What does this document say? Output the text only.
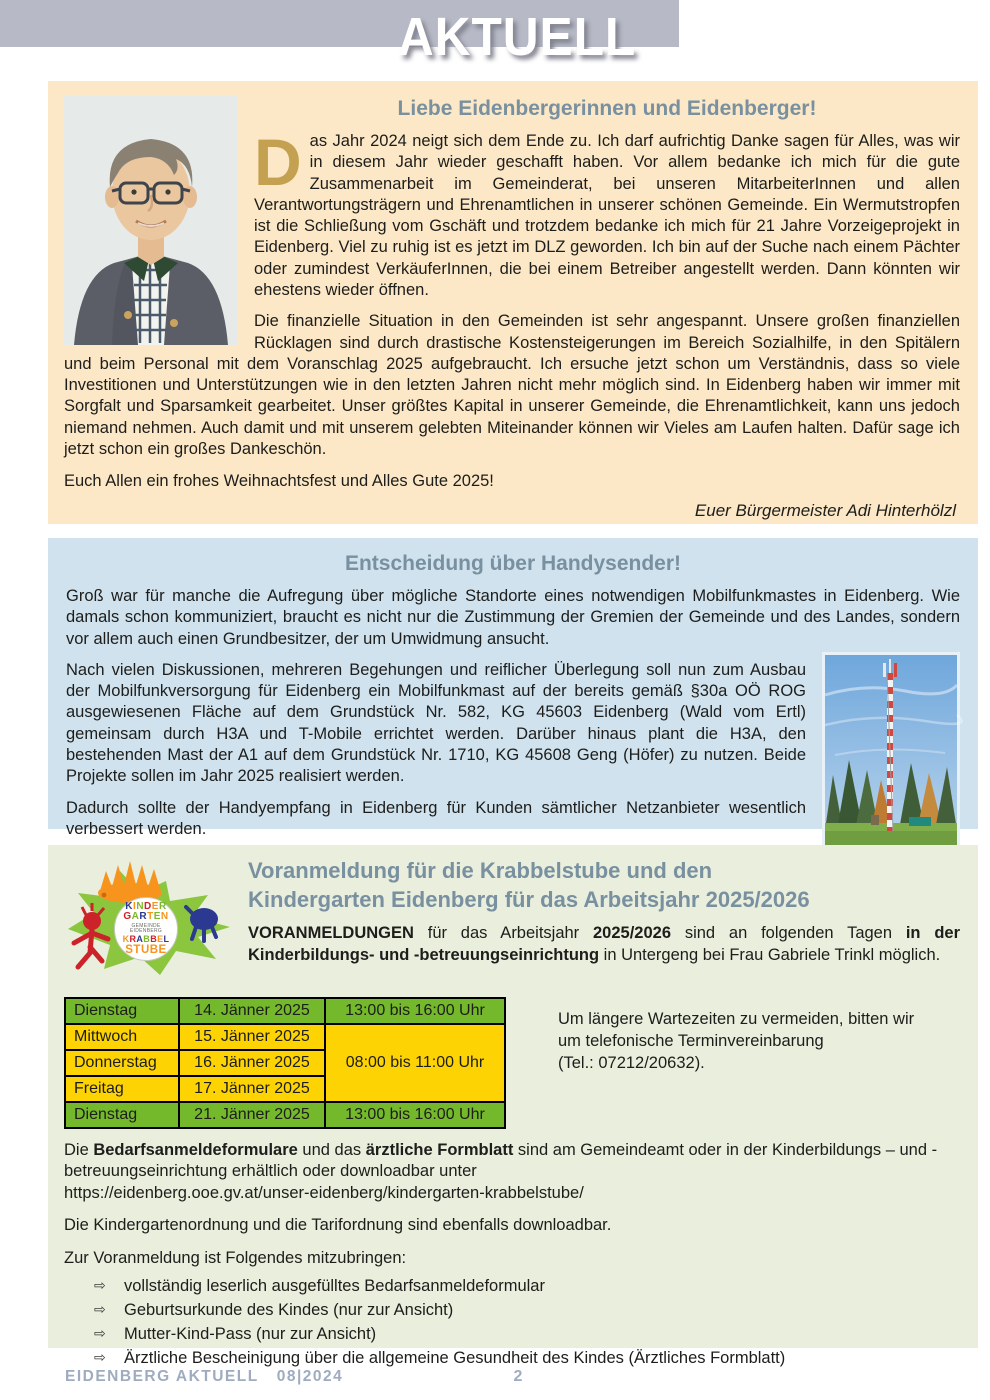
AKTUELL
Liebe Eidenbergerinnen und Eidenberger!

Das Jahr 2024 neigt sich dem Ende zu. Ich darf aufrichtig Danke sagen für Alles, was wir in diesem Jahr wieder geschafft haben. Vor allem bedanke ich mich für die gute Zusammenarbeit im Gemeinderat, bei unseren MitarbeiterInnen und allen Verantwortungsträgern und Ehrenamtlichen in unserer schönen Gemeinde. Ein Wermutstropfen ist die Schließung vom Gschäft und trotzdem bedanke ich mich für 21 Jahre Vorzeigeprojekt in Eidenberg. Viel zu ruhig ist es jetzt im DLZ geworden. Ich bin auf der Suche nach einem Pächter oder zumindest VerkäuferInnen, die bei einem Betreiber angestellt werden. Dann könnten wir ehestens wieder öffnen.

Die finanzielle Situation in den Gemeinden ist sehr angespannt. Unsere großen finanziellen Rücklagen sind durch drastische Kostensteigerungen im Bereich Sozialhilfe, in den Spitälern und beim Personal mit dem Voranschlag 2025 aufgebraucht. Ich ersuche jetzt schon um Verständnis, dass so viele Investitionen und Unterstützungen wie in den letzten Jahren nicht mehr möglich sind. In Eidenberg haben wir immer mit Sorgfalt und Sparsamkeit gearbeitet. Unser größtes Kapital in unserer Gemeinde, die Ehrenamtlichkeit, kann uns jedoch niemand nehmen. Auch damit und mit unserem gelebten Miteinander können wir Vieles am Laufen halten. Dafür sage ich jetzt schon ein großes Dankeschön.

Euch Allen ein frohes Weihnachtsfest und Alles Gute 2025!

Euer Bürgermeister Adi Hinterhölzl
Entscheidung über Handysender!

Groß war für manche die Aufregung über mögliche Standorte eines notwendigen Mobilfunkmastes in Eidenberg. Wie damals schon kommuniziert, braucht es nicht nur die Zustimmung der Gremien der Gemeinde und des Landes, sondern vor allem auch einen Grundbesitzer, der um Umwidmung ansucht.

Nach vielen Diskussionen, mehreren Begehungen und reiflicher Überlegung soll nun zum Ausbau der Mobilfunkversorgung für Eidenberg ein Mobilfunkmast auf der bereits gemäß §30a OÖ ROG ausgewiesenen Fläche auf dem Grundstück Nr. 582, KG 45603 Eidenberg (Wald vom Ertl) gemeinsam durch H3A und T-Mobile errichtet werden. Darüber hinaus plant die H3A, den bestehenden Mast der A1 auf dem Grundstück Nr. 1710, KG 45608 Geng (Höfer) zu nutzen. Beide Projekte sollen im Jahr 2025 realisiert werden.

Dadurch sollte der Handyempfang in Eidenberg für Kunden sämtlicher Netzanbieter wesentlich verbessert werden.

KINDER
GARTEN
GEMEINDE EIDENBERG
KRABBEL
STUBE
Voranmeldung für die Krabbelstube und den
Kindergarten Eidenberg für das Arbeitsjahr 2025/2026

VORANMELDUNGEN für das Arbeitsjahr 2025/2026 sind an folgenden Tagen in der Kinderbildungs- und -betreuungseinrichtung in Untergeng bei Frau Gabriele Trinkl möglich.

Dienstag	14. Jänner 2025	13:00 bis 16:00 Uhr
Mittwoch	15. Jänner 2025	08:00 bis 11:00 Uhr
Donnerstag	16. Jänner 2025	
Freitag	17. Jänner 2025	
Dienstag	21. Jänner 2025	13:00 bis 16:00 Uhr
Um längere Wartezeiten zu vermeiden, bitten wir
um telefonische Terminvereinbarung
(Tel.: 07212/20632).

Die Bedarfsanmeldeformulare und das ärztliche Formblatt sind am Gemeindeamt oder in der Kinderbildungs – und -betreuungseinrichtung erhältlich oder downloadbar unter

https://eidenberg.ooe.gv.at/unser-eidenberg/kindergarten-krabbelstube/

Die Kindergartenordnung und die Tarifordnung sind ebenfalls downloadbar.

Zur Voranmeldung ist Folgendes mitzubringen:

⇨	vollständig leserlich ausgefülltes Bedarfsanmeldeformular
⇨	Geburtsurkunde des Kindes (nur zur Ansicht)
⇨	Mutter-Kind-Pass (nur zur Ansicht)
⇨	Ärztliche Bescheinigung über die allgemeine Gesundheit des Kindes (Ärztliches Formblatt)
EIDENBERG AKTUELL 08|2024	2
